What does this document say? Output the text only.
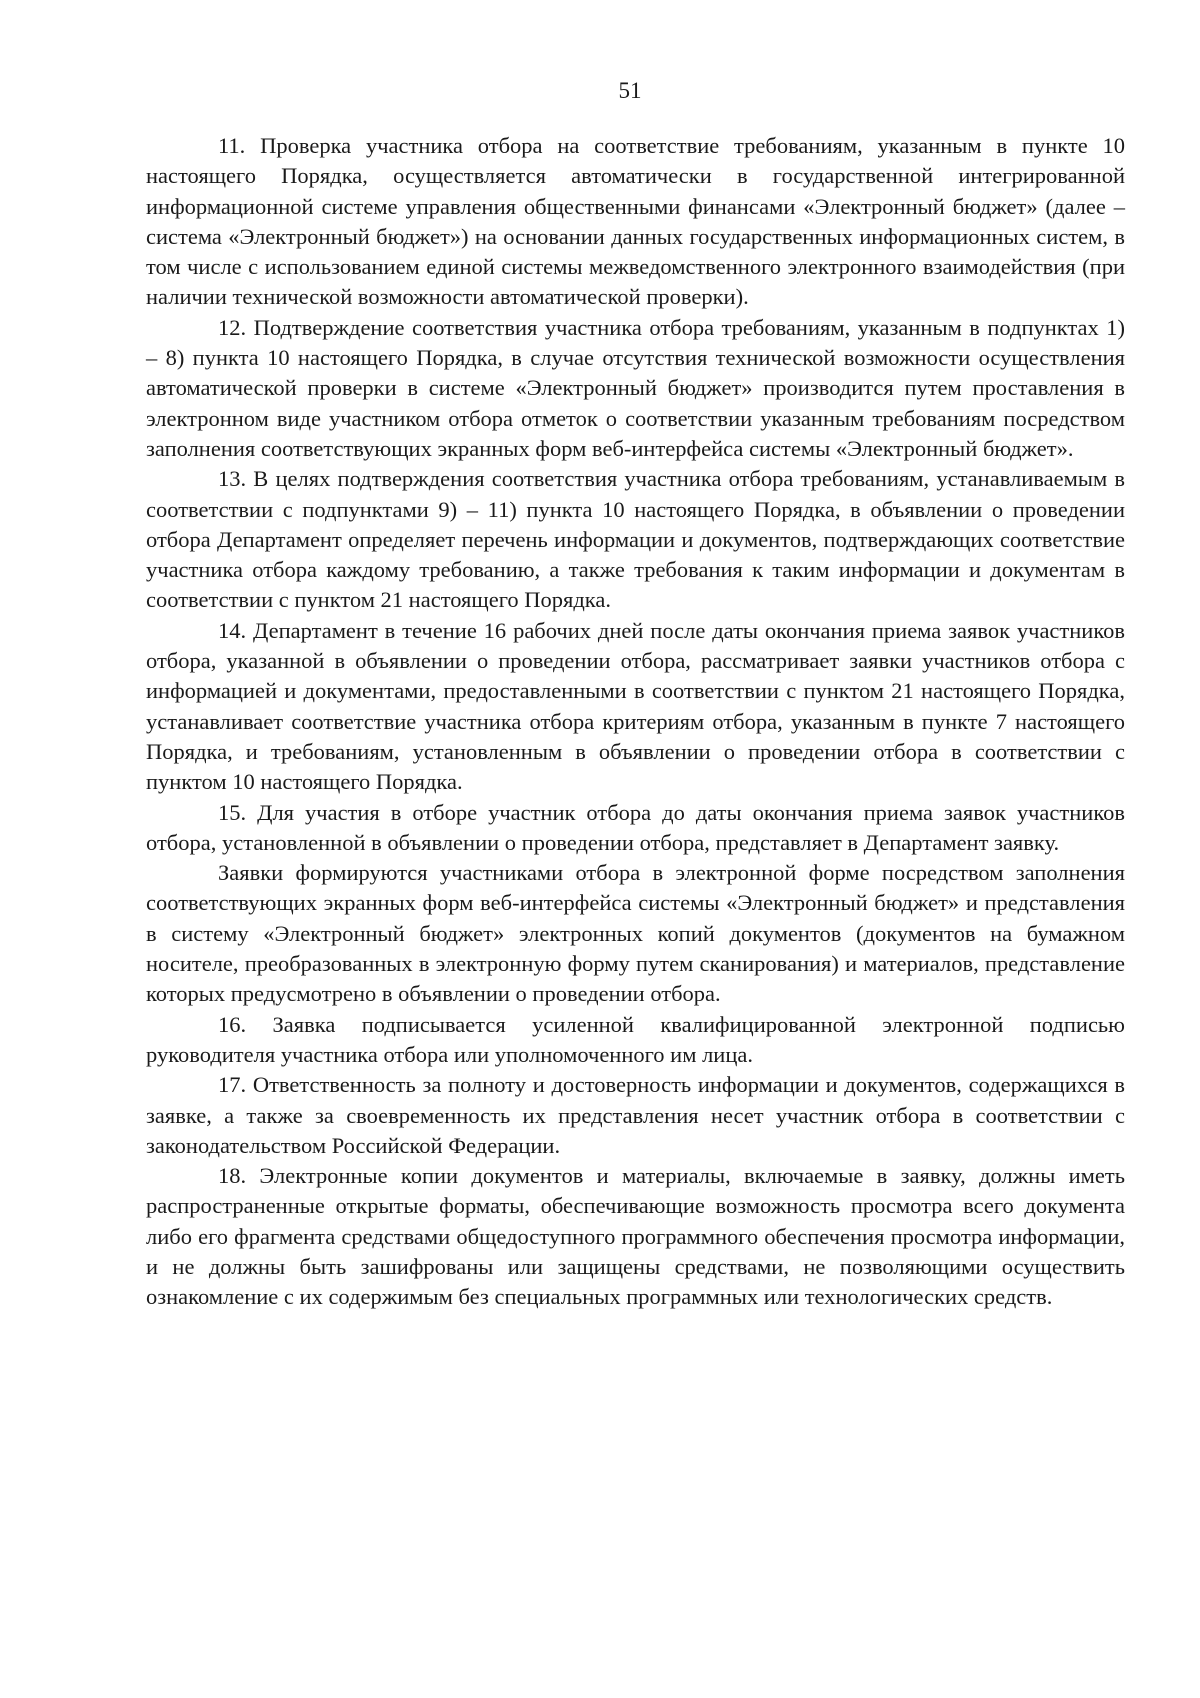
51

11. Проверка участника отбора на соответствие требованиям, указанным в пункте 10 настоящего Порядка, осуществляется автоматически в государственной интегрированной информационной системе управления общественными финансами «Электронный бюджет» (далее – система «Электронный бюджет») на основании данных государственных информационных систем, в том числе с использованием единой системы межведомственного электронного взаимодействия (при наличии технической возможности автоматической проверки).

12. Подтверждение соответствия участника отбора требованиям, указанным в подпунктах 1) – 8) пункта 10 настоящего Порядка, в случае отсутствия технической возможности осуществления автоматической проверки в системе «Электронный бюджет» производится путем проставления в электронном виде участником отбора отметок о соответствии указанным требованиям посредством заполнения соответствующих экранных форм веб-интерфейса системы «Электронный бюджет».

13. В целях подтверждения соответствия участника отбора требованиям, устанавливаемым в соответствии с подпунктами 9) – 11) пункта 10 настоящего Порядка, в объявлении о проведении отбора Департамент определяет перечень информации и документов, подтверждающих соответствие участника отбора каждому требованию, а также требования к таким информации и документам в соответствии с пунктом 21 настоящего Порядка.

14. Департамент в течение 16 рабочих дней после даты окончания приема заявок участников отбора, указанной в объявлении о проведении отбора, рассматривает заявки участников отбора с информацией и документами, предоставленными в соответствии с пунктом 21 настоящего Порядка, устанавливает соответствие участника отбора критериям отбора, указанным в пункте 7 настоящего Порядка, и требованиям, установленным в объявлении о проведении отбора в соответствии с пунктом 10 настоящего Порядка.

15. Для участия в отборе участник отбора до даты окончания приема заявок участников отбора, установленной в объявлении о проведении отбора, представляет в Департамент заявку.

Заявки формируются участниками отбора в электронной форме посредством заполнения соответствующих экранных форм веб-интерфейса системы «Электронный бюджет» и представления в систему «Электронный бюджет» электронных копий документов (документов на бумажном носителе, преобразованных в электронную форму путем сканирования) и материалов, представление которых предусмотрено в объявлении о проведении отбора.

16. Заявка подписывается усиленной квалифицированной электронной подписью руководителя участника отбора или уполномоченного им лица.

17. Ответственность за полноту и достоверность информации и документов, содержащихся в заявке, а также за своевременность их представления несет участник отбора в соответствии с законодательством Российской Федерации.

18. Электронные копии документов и материалы, включаемые в заявку, должны иметь распространенные открытые форматы, обеспечивающие возможность просмотра всего документа либо его фрагмента средствами общедоступного программного обеспечения просмотра информации, и не должны быть зашифрованы или защищены средствами, не позволяющими осуществить ознакомление с их содержимым без специальных программных или технологических средств.
